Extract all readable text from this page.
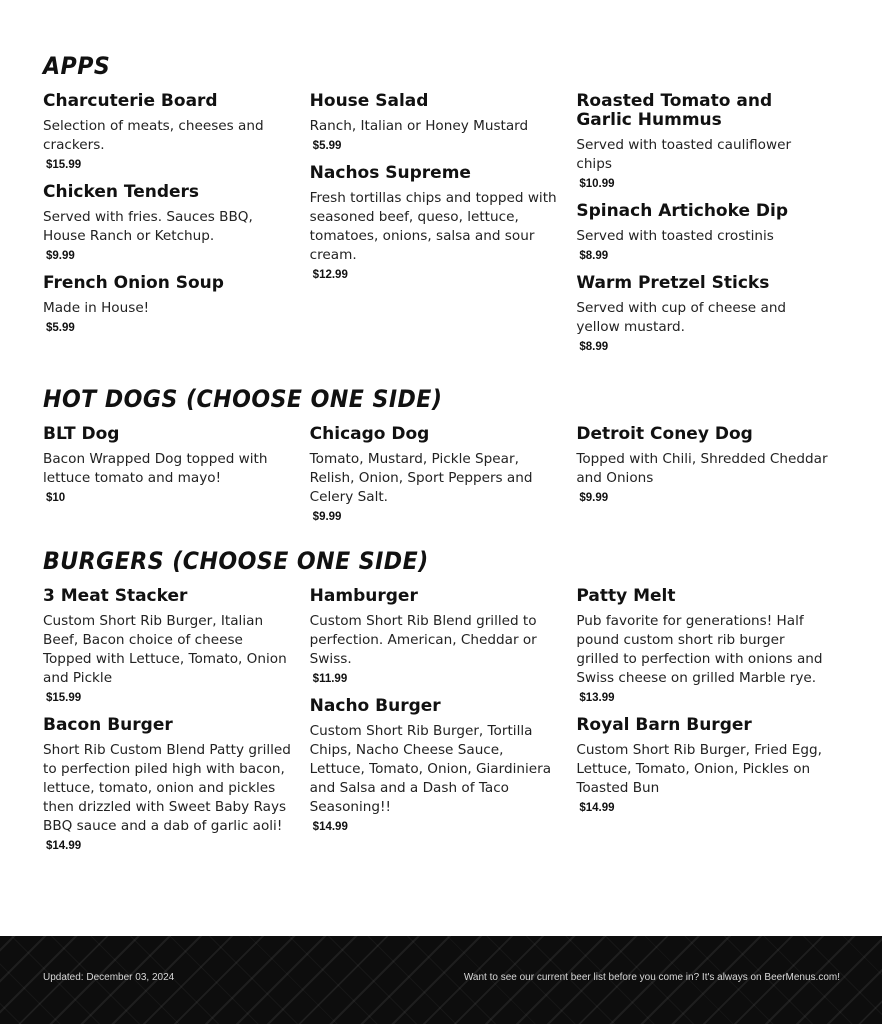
APPS
Charcuterie Board
Selection of meats, cheeses and crackers.
$15.99
Chicken Tenders
Served with fries. Sauces BBQ, House Ranch or Ketchup.
$9.99
French Onion Soup
Made in House!
$5.99
House Salad
Ranch, Italian or Honey Mustard
$5.99
Nachos Supreme
Fresh tortillas chips and topped with seasoned beef, queso, lettuce, tomatoes, onions, salsa and sour cream.
$12.99
Roasted Tomato and Garlic Hummus
Served with toasted cauliflower chips
$10.99
Spinach Artichoke Dip
Served with toasted crostinis
$8.99
Warm Pretzel Sticks
Served with cup of cheese and yellow mustard.
$8.99
HOT DOGS (CHOOSE ONE SIDE)
BLT Dog
Bacon Wrapped Dog topped with lettuce tomato and mayo!
$10
Chicago Dog
Tomato, Mustard, Pickle Spear, Relish, Onion, Sport Peppers and Celery Salt.
$9.99
Detroit Coney Dog
Topped with Chili, Shredded Cheddar and Onions
$9.99
BURGERS (CHOOSE ONE SIDE)
3 Meat Stacker
Custom Short Rib Burger, Italian Beef, Bacon choice of cheese Topped with Lettuce, Tomato, Onion and Pickle
$15.99
Bacon Burger
Short Rib Custom Blend Patty grilled to perfection piled high with bacon, lettuce, tomato, onion and pickles then drizzled with Sweet Baby Rays BBQ sauce and a dab of garlic aoli!
$14.99
Hamburger
Custom Short Rib Blend grilled to perfection. American, Cheddar or Swiss.
$11.99
Nacho Burger
Custom Short Rib Burger, Tortilla Chips, Nacho Cheese Sauce, Lettuce, Tomato, Onion, Giardiniera and Salsa and a Dash of Taco Seasoning!!
$14.99
Patty Melt
Pub favorite for generations! Half pound custom short rib burger grilled to perfection with onions and Swiss cheese on grilled Marble rye.
$13.99
Royal Barn Burger
Custom Short Rib Burger, Fried Egg, Lettuce, Tomato, Onion, Pickles on Toasted Bun
$14.99
Updated: December 03, 2024	Want to see our current beer list before you come in? It's always on BeerMenus.com!
